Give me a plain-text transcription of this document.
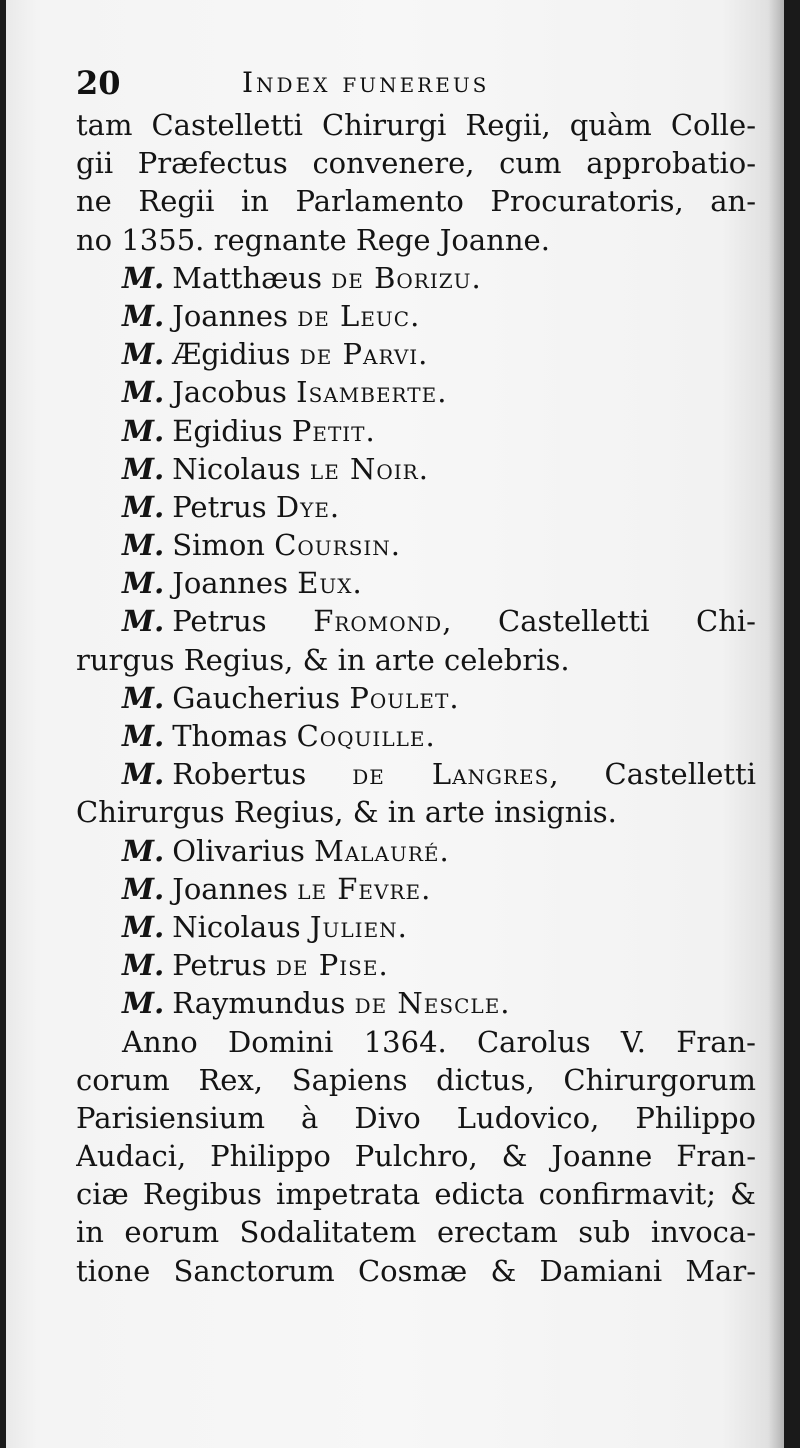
20	Index funereus
tam Castelletti Chirurgi Regii, quàm Colle-
gii Præfectus convenere, cum approbatio-
ne Regii in Parlamento Procuratoris, an-
no 1355. regnante Rege Joanne.
M. Matthæus de Borizu.
M. Joannes de Leuc.
M. Ægidius de Parvi.
M. Jacobus Isamberte.
M. Egidius Petit.
M. Nicolaus le Noir.
M. Petrus Dye.
M. Simon Coursin.
M. Joannes Eux.
M. Petrus Fromond, Castelletti Chi-
rurgus Regius, & in arte celebris.
M. Gaucherius Poulet.
M. Thomas Coquille.
M. Robertus de Langres, Castelletti
Chirurgus Regius, & in arte insignis.
M. Olivarius Malauré.
M. Joannes le Fevre.
M. Nicolaus Julien.
M. Petrus de Pise.
M. Raymundus de Nescle.
Anno Domini 1364. Carolus V. Fran-
corum Rex, Sapiens dictus, Chirurgorum
Parisiensium à Divo Ludovico, Philippo
Audaci, Philippo Pulchro, & Joanne Fran-
ciæ Regibus impetrata edicta confirmavit; &
in eorum Sodalitatem erectam sub invoca-
tione Sanctorum Cosmæ & Damiani Mar-
